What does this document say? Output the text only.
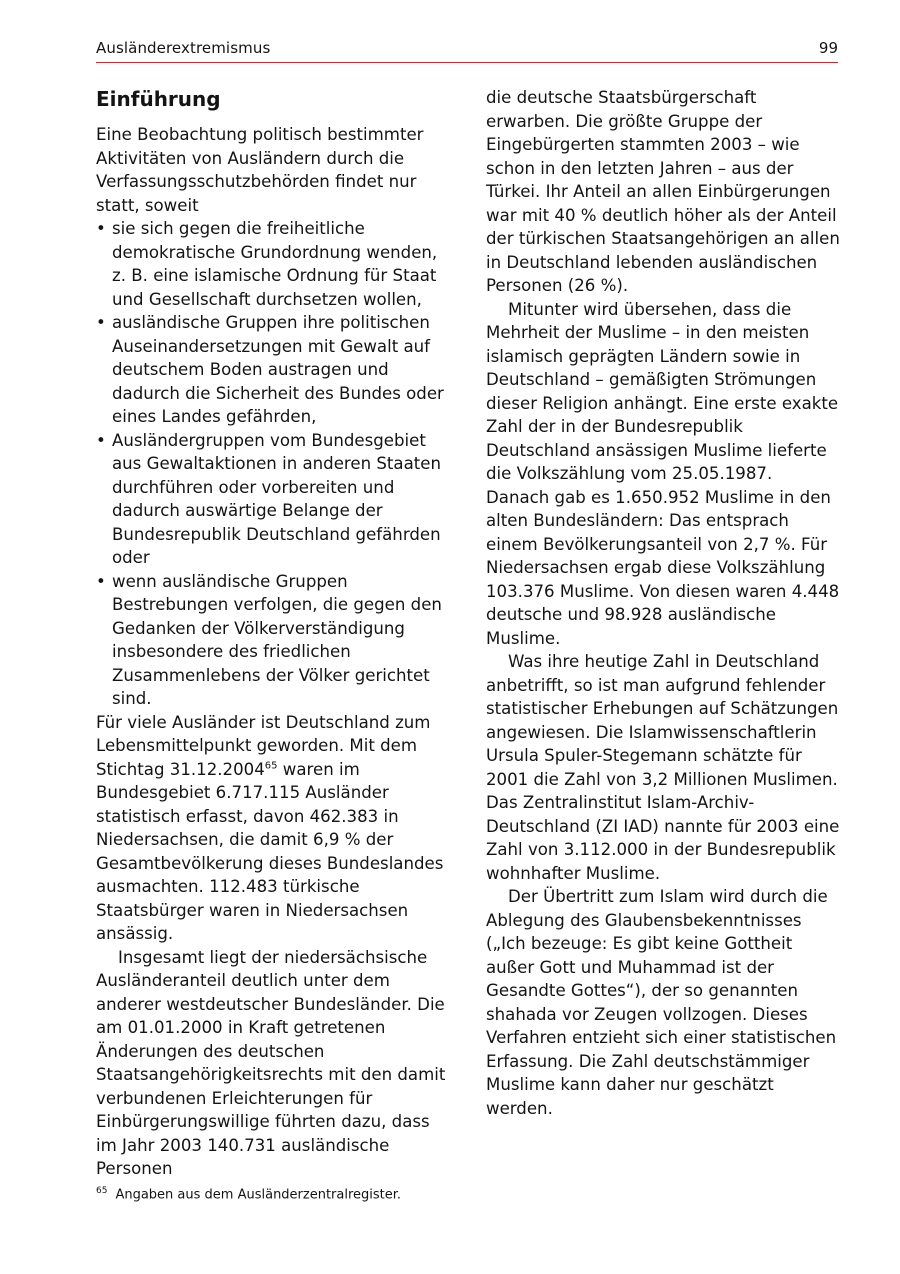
Ausländerextremismus	99
Einführung

Eine Beobachtung politisch bestimmter Aktivitäten von Ausländern durch die Verfassungsschutzbehörden findet nur statt, soweit

• sie sich gegen die freiheitliche demokratische Grundordnung wenden, z. B. eine islamische Ordnung für Staat und Gesellschaft durchsetzen wollen,
• ausländische Gruppen ihre politischen Auseinandersetzungen mit Gewalt auf deutschem Boden austragen und dadurch die Sicherheit des Bundes oder eines Landes gefährden,
• Ausländergruppen vom Bundesgebiet aus Gewaltaktionen in anderen Staaten durchführen oder vorbereiten und dadurch auswärtige Belange der Bundesrepublik Deutschland gefährden oder
• wenn ausländische Gruppen Bestrebungen verfolgen, die gegen den Gedanken der Völkerverständigung insbesondere des friedlichen Zusammenlebens der Völker gerichtet sind.

Für viele Ausländer ist Deutschland zum Lebensmittelpunkt geworden. Mit dem Stichtag 31.12.2004$^{65}$ waren im Bundesgebiet 6.717.115 Ausländer statistisch erfasst, davon 462.383 in Niedersachsen, die damit 6,9 % der Gesamtbevölkerung dieses Bundeslandes ausmachten. 112.483 türkische Staatsbürger waren in Niedersachsen ansässig.

Insgesamt liegt der niedersächsische Ausländeranteil deutlich unter dem anderer westdeutscher Bundesländer. Die am 01.01.2000 in Kraft getretenen Änderungen des deutschen Staatsangehörigkeitsrechts mit den damit verbundenen Erleichterungen für Einbürgerungswillige führten dazu, dass im Jahr 2003 140.731 ausländische Personen

die deutsche Staatsbürgerschaft erwarben. Die größte Gruppe der Eingebürgerten stammten 2003 – wie schon in den letzten Jahren – aus der Türkei. Ihr Anteil an allen Einbürgerungen war mit 40 % deutlich höher als der Anteil der türkischen Staatsangehörigen an allen in Deutschland lebenden ausländischen Personen (26 %).

Mitunter wird übersehen, dass die Mehrheit der Muslime – in den meisten islamisch geprägten Ländern sowie in Deutschland – gemäßigten Strömungen dieser Religion anhängt. Eine erste exakte Zahl der in der Bundesrepublik Deutschland ansässigen Muslime lieferte die Volkszählung vom 25.05.1987. Danach gab es 1.650.952 Muslime in den alten Bundesländern: Das entsprach einem Bevölkerungsanteil von 2,7 %. Für Niedersachsen ergab diese Volkszählung 103.376 Muslime. Von diesen waren 4.448 deutsche und 98.928 ausländische Muslime.

Was ihre heutige Zahl in Deutschland anbetrifft, so ist man aufgrund fehlender statistischer Erhebungen auf Schätzungen angewiesen. Die Islamwissenschaftlerin Ursula Spuler-Stegemann schätzte für 2001 die Zahl von 3,2 Millionen Muslimen. Das Zentralinstitut Islam-Archiv-Deutschland (ZI IAD) nannte für 2003 eine Zahl von 3.112.000 in der Bundesrepublik wohnhafter Muslime.

Der Übertritt zum Islam wird durch die Ablegung des Glaubensbekenntnisses („Ich bezeuge: Es gibt keine Gottheit außer Gott und Muhammad ist der Gesandte Gottes“), der so genannten shahada vor Zeugen vollzogen. Dieses Verfahren entzieht sich einer statistischen Erfassung. Die Zahl deutschstämmiger Muslime kann daher nur geschätzt werden.

$^{65}$ Angaben aus dem Ausländerzentralregister.
